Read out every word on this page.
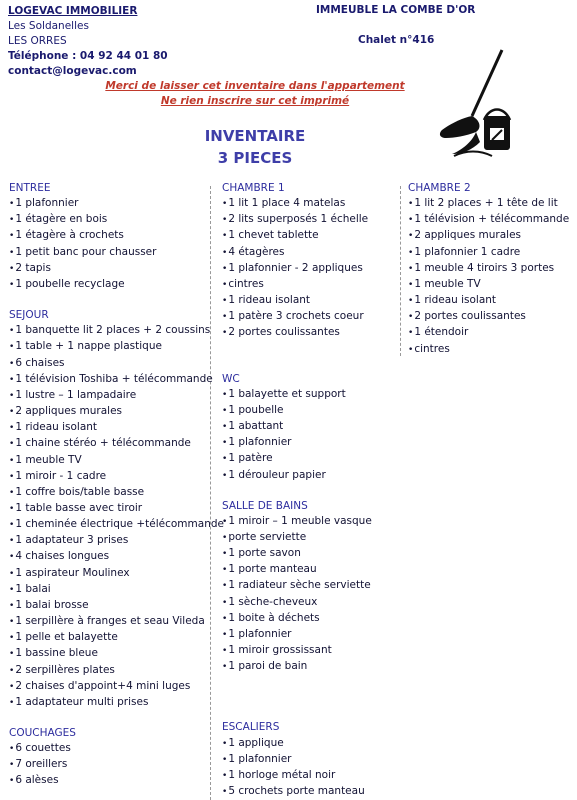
LOGEVAC IMMOBILIER
Les Soldanelles
LES ORRES
Téléphone : 04 92 44 01 80
contact@logevac.com
IMMEUBLE LA COMBE D'OR
Chalet n°416
Merci de laisser cet inventaire dans l'appartement
Ne rien inscrire sur cet imprimé
INVENTAIRE
3 PIECES
ENTREE
• 1 plafonnier
• 1 étagère en bois
• 1 étagère à crochets
• 1 petit banc pour chausser
• 2 tapis
• 1 poubelle recyclage
SEJOUR
• 1 banquette lit 2 places + 2 coussins
• 1 table + 1 nappe plastique
• 6 chaises
• 1 télévision Toshiba + télécommande
• 1 lustre – 1 lampadaire
• 2 appliques murales
• 1 rideau isolant
• 1 chaine stéréo + télécommande
• 1 meuble TV
• 1 miroir - 1 cadre
• 1 coffre bois/table basse
• 1 table basse avec tiroir
• 1 cheminée électrique +télécommande
• 1 adaptateur 3 prises
• 4 chaises longues
• 1 aspirateur Moulinex
• 1 balai
• 1 balai brosse
• 1 serpillère à franges et seau Vileda
• 1 pelle et balayette
• 1 bassine bleue
• 2 serpillères plates
• 2 chaises d'appoint+4 mini luges
• 1 adaptateur multi prises
COUCHAGES
• 6 couettes
• 7 oreillers
• 6 alèses
CHAMBRE 1
• 1 lit 1 place 4 matelas
• 2 lits superposés 1 échelle
• 1 chevet tablette
• 4 étagères
• 1 plafonnier - 2 appliques
• cintres
• 1 rideau isolant
• 1 patère 3 crochets coeur
• 2 portes coulissantes
WC
• 1 balayette et support
• 1 poubelle
• 1 abattant
• 1 plafonnier
• 1 patère
• 1 dérouleur papier
SALLE DE BAINS
• 1 miroir – 1 meuble vasque
• porte serviette
• 1 porte savon
• 1 porte manteau
• 1 radiateur sèche serviette
• 1 sèche-cheveux
• 1 boite à déchets
• 1 plafonnier
• 1 miroir grossissant
• 1 paroi de bain
ESCALIERS
• 1 applique
• 1 plafonnier
• 1 horloge métal noir
• 5 crochets porte manteau
CHAMBRE 2
• 1 lit 2 places + 1 tête de lit
• 1 télévision + télécommande
• 2 appliques murales
• 1 plafonnier 1 cadre
• 1 meuble 4 tiroirs 3 portes
• 1 meuble TV
• 1 rideau isolant
• 2 portes coulissantes
• 1 étendoir
• cintres
